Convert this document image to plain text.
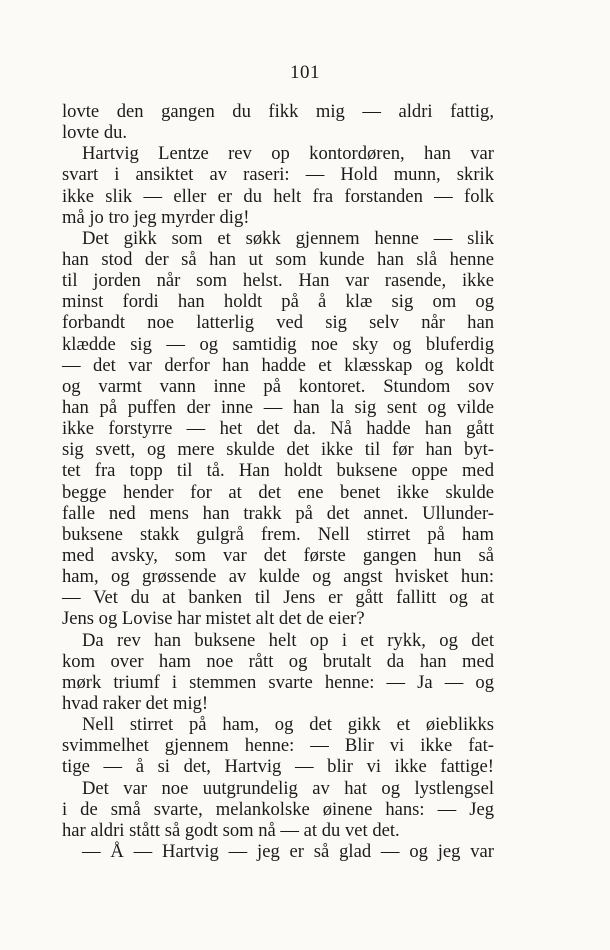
101
lovte den gangen du fikk mig — aldri fattig,
lovte du.
Hartvig Lentze rev op kontordøren, han var
svart i ansiktet av raseri: — Hold munn, skrik
ikke slik — eller er du helt fra forstanden — folk
må jo tro jeg myrder dig!
Det gikk som et søkk gjennem henne — slik
han stod der så han ut som kunde han slå henne
til jorden når som helst. Han var rasende, ikke
minst fordi han holdt på å klæ sig om og
forbandt noe latterlig ved sig selv når han
klædde sig — og samtidig noe sky og bluferdig
— det var derfor han hadde et klæsskap og koldt
og varmt vann inne på kontoret. Stundom sov
han på puffen der inne — han la sig sent og vilde
ikke forstyrre — het det da. Nå hadde han gått
sig svett, og mere skulde det ikke til før han byt-
tet fra topp til tå. Han holdt buksene oppe med
begge hender for at det ene benet ikke skulde
falle ned mens han trakk på det annet. Ullunder-
buksene stakk gulgrå frem. Nell stirret på ham
med avsky, som var det første gangen hun så
ham, og grøssende av kulde og angst hvisket hun:
— Vet du at banken til Jens er gått fallitt og at
Jens og Lovise har mistet alt det de eier?
Da rev han buksene helt op i et rykk, og det
kom over ham noe rått og brutalt da han med
mørk triumf i stemmen svarte henne: — Ja — og
hvad raker det mig!
Nell stirret på ham, og det gikk et øieblikks
svimmelhet gjennem henne: — Blir vi ikke fat-
tige — å si det, Hartvig — blir vi ikke fattige!
Det var noe uutgrundelig av hat og lystlengsel
i de små svarte, melankolske øinene hans: — Jeg
har aldri stått så godt som nå — at du vet det.
— Å — Hartvig — jeg er så glad — og jeg var
